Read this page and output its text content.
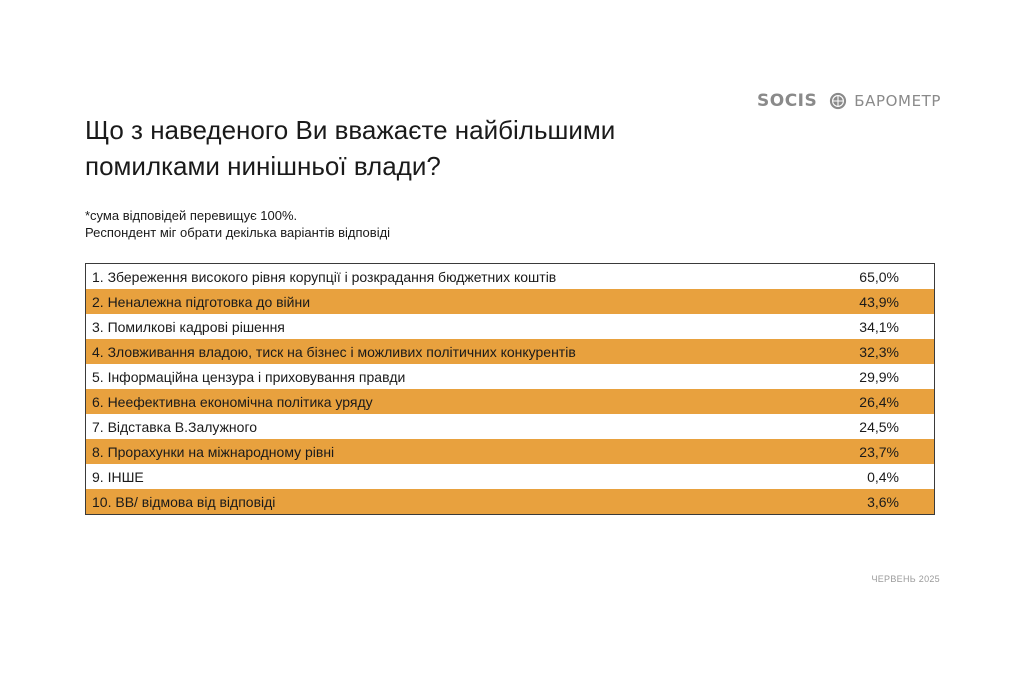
SOCIS БАРОМЕТР
Що з наведеного Ви вважаєте найбільшими
помилками нинішньої влади?
*сума відповідей перевищує 100%.
Респондент міг обрати декілька варіантів відповіді
1. Збереження високого рівня корупції і розкрадання бюджетних коштів	65,0%
2. Неналежна підготовка до війни	43,9%
3. Помилкові кадрові рішення	34,1%
4. Зловживання владою, тиск на бізнес і можливих політичних конкурентів	32,3%
5. Інформаційна цензура і приховування правди	29,9%
6. Неефективна економічна політика уряду	26,4%
7. Відставка В.Залужного	24,5%
8. Прорахунки на міжнародному рівні	23,7%
9. ІНШЕ	0,4%
10. ВВ/ відмова від відповіді	3,6%
ЧЕРВЕНЬ 2025
